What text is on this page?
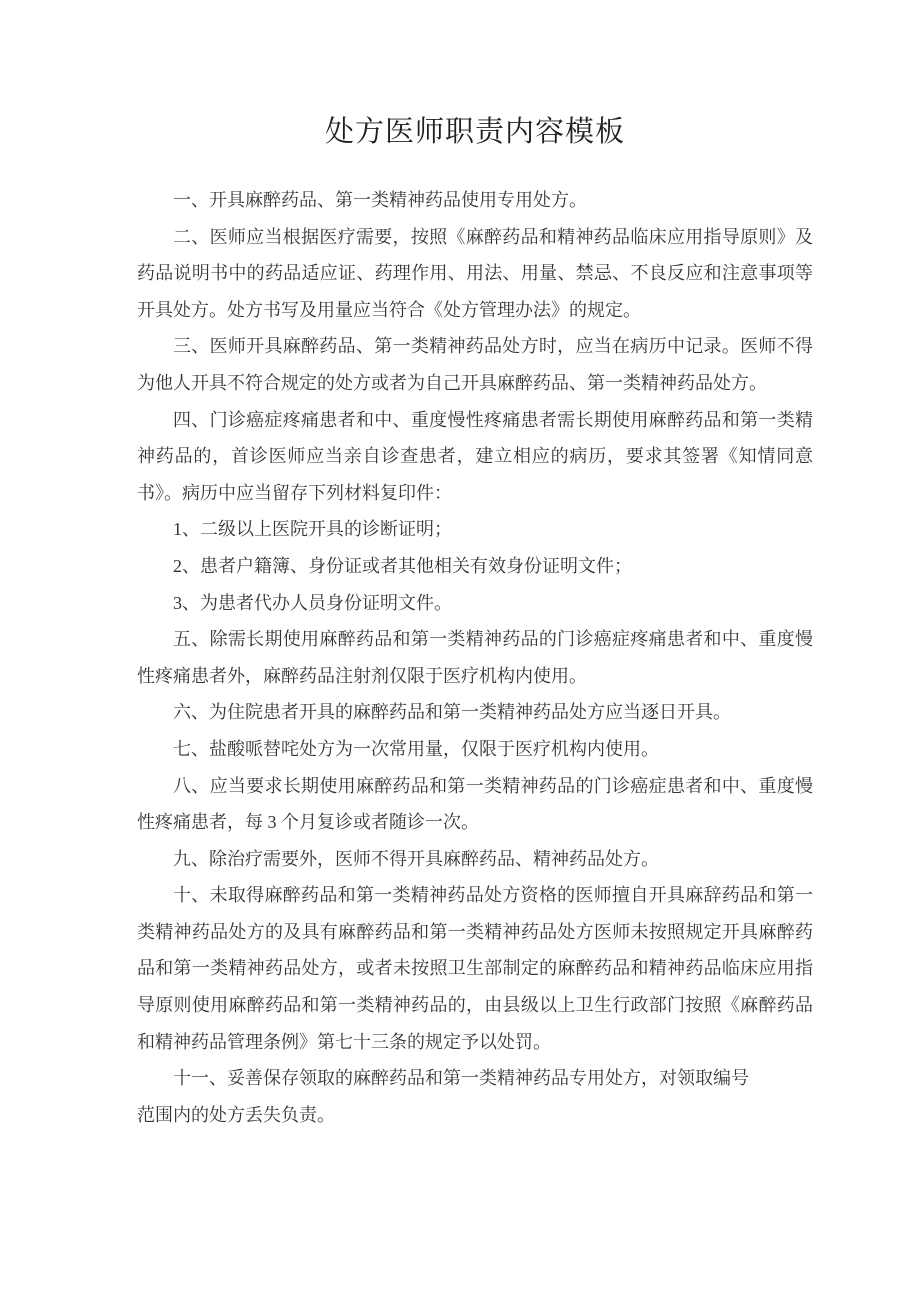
处方医师职责内容模板

一、开具麻醉药品、第一类精神药品使用专用处方。

二、医师应当根据医疗需要，按照《麻醉药品和精神药品临床应用指导原则》及药品说明书中的药品适应证、药理作用、用法、用量、禁忌、不良反应和注意事项等开具处方。处方书写及用量应当符合《处方管理办法》的规定。

三、医师开具麻醉药品、第一类精神药品处方时，应当在病历中记录。医师不得为他人开具不符合规定的处方或者为自己开具麻醉药品、第一类精神药品处方。

四、门诊癌症疼痛患者和中、重度慢性疼痛患者需长期使用麻醉药品和第一类精神药品的，首诊医师应当亲自诊查患者，建立相应的病历，要求其签署《知情同意书》。病历中应当留存下列材料复印件：

1、二级以上医院开具的诊断证明；

2、患者户籍簿、身份证或者其他相关有效身份证明文件；

3、为患者代办人员身份证明文件。

五、除需长期使用麻醉药品和第一类精神药品的门诊癌症疼痛患者和中、重度慢性疼痛患者外，麻醉药品注射剂仅限于医疗机构内使用。

六、为住院患者开具的麻醉药品和第一类精神药品处方应当逐日开具。

七、盐酸哌替咤处方为一次常用量，仅限于医疗机构内使用。

八、应当要求长期使用麻醉药品和第一类精神药品的门诊癌症患者和中、重度慢性疼痛患者，每 3 个月复诊或者随诊一次。

九、除治疗需要外，医师不得开具麻醉药品、精神药品处方。

十、未取得麻醉药品和第一类精神药品处方资格的医师擅自开具麻辞药品和第一类精神药品处方的及具有麻醉药品和第一类精神药品处方医师未按照规定开具麻醉药品和第一类精神药品处方，或者未按照卫生部制定的麻醉药品和精神药品临床应用指导原则使用麻醉药品和第一类精神药品的，由县级以上卫生行政部门按照《麻醉药品和精神药品管理条例》第七十三条的规定予以处罚。

十一、妥善保存领取的麻醉药品和第一类精神药品专用处方，对领取编号

范围内的处方丢失负责。
